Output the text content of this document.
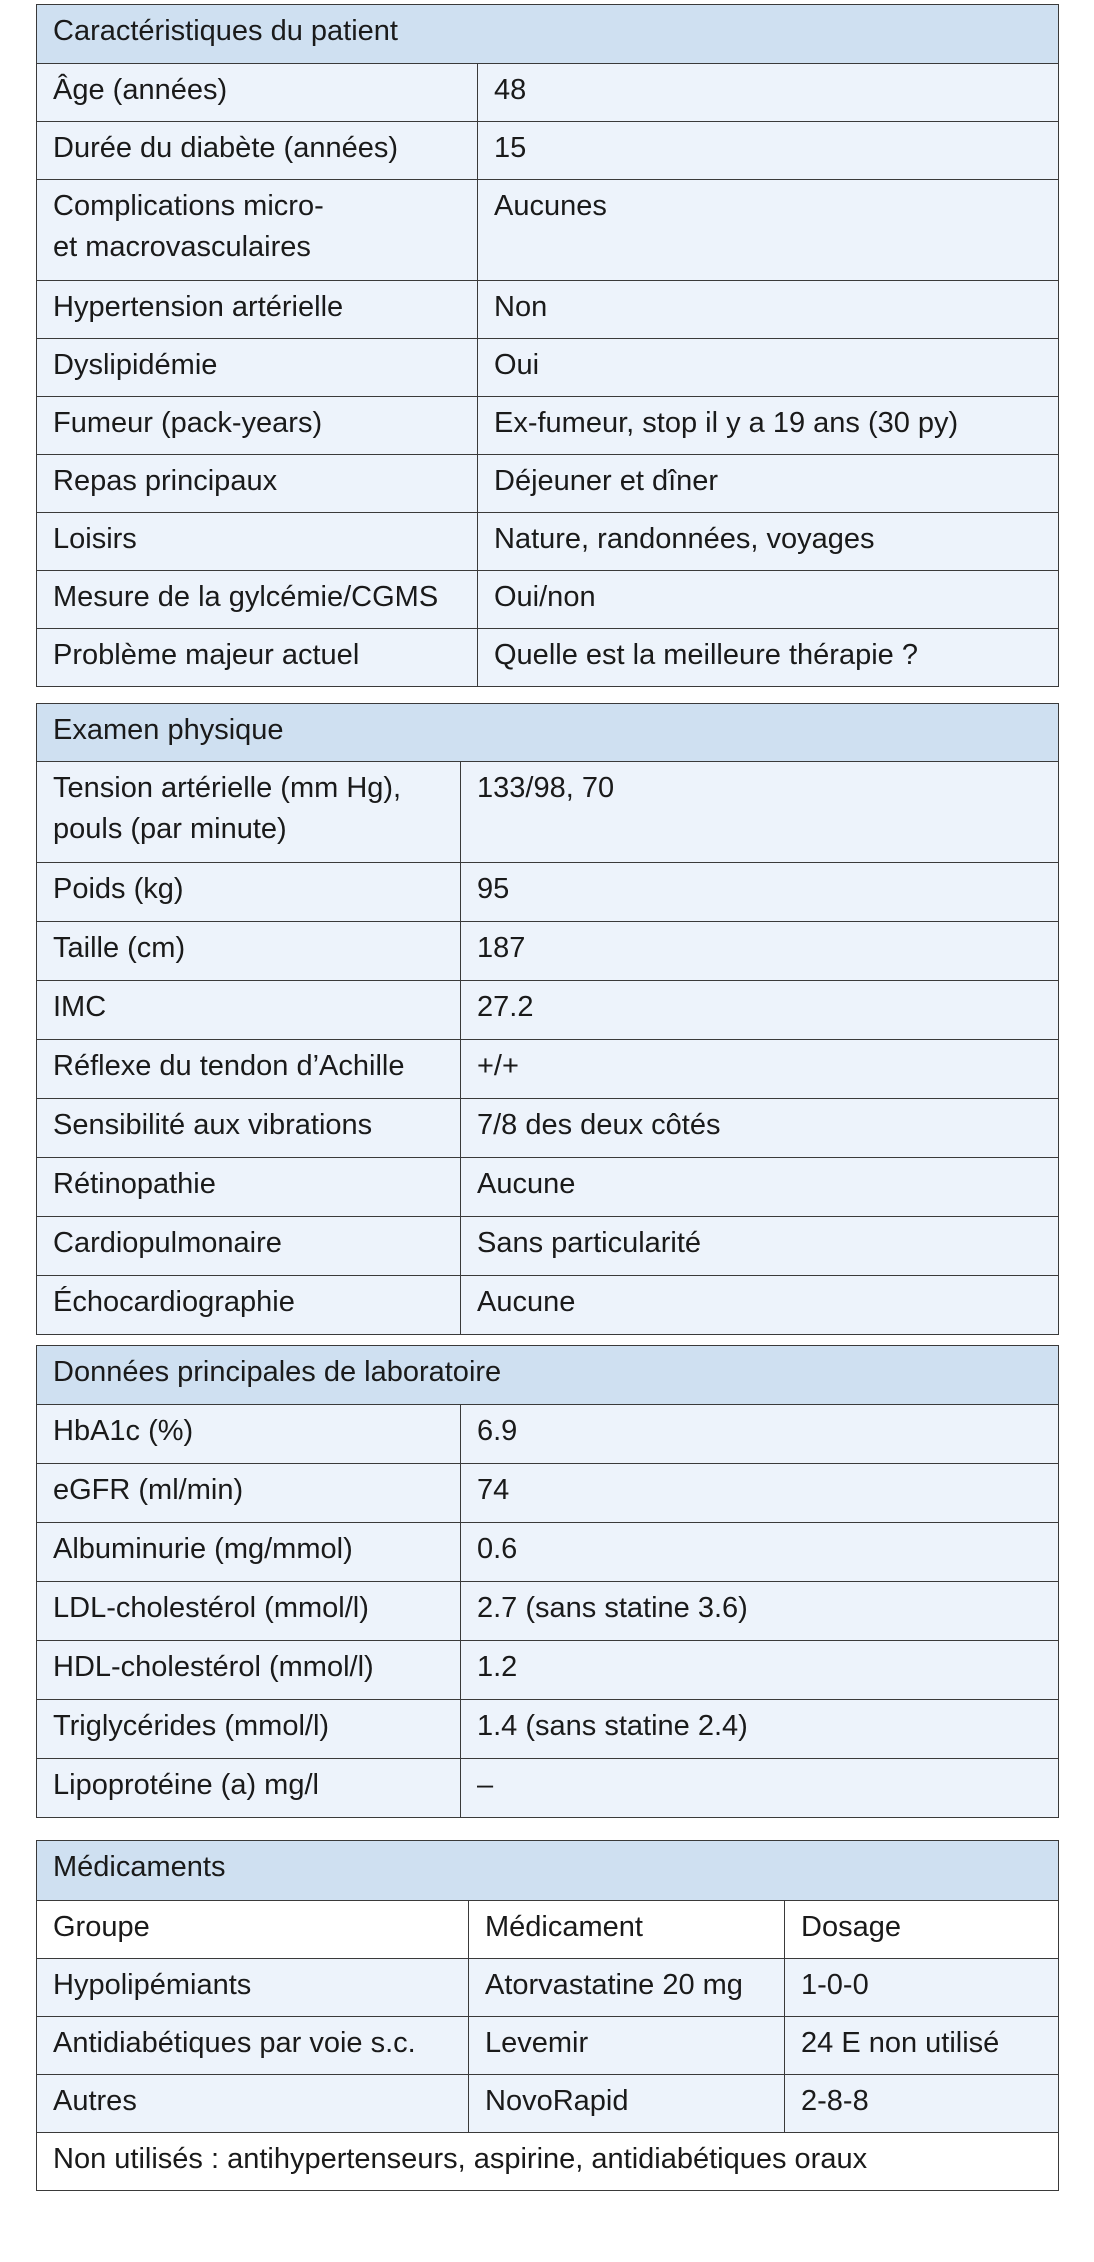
Caractéristiques du patient	
Âge (années)	48
Durée du diabète (années)	15
Complications micro-
et macrovasculaires	Aucunes
Hypertension artérielle	Non
Dyslipidémie	Oui
Fumeur (pack-years)	Ex-fumeur, stop il y a 19 ans (30 py)
Repas principaux	Déjeuner et dîner
Loisirs	Nature, randonnées, voyages
Mesure de la gylcémie/CGMS	Oui/non
Problème majeur actuel	Quelle est la meilleure thérapie ?
Examen physique	
Tension artérielle (mm Hg),
pouls (par minute)	133/98, 70
Poids (kg)	95
Taille (cm)	187
IMC	27.2
Réflexe du tendon d’Achille	+/+
Sensibilité aux vibrations	7/8 des deux côtés
Rétinopathie	Aucune
Cardiopulmonaire	Sans particularité
Échocardiographie	Aucune
Données principales de laboratoire	
HbA1c (%)	6.9
eGFR (ml/min)	74
Albuminurie (mg/mmol)	0.6
LDL-cholestérol (mmol/l)	2.7 (sans statine 3.6)
HDL-cholestérol (mmol/l)	1.2
Triglycérides (mmol/l)	1.4 (sans statine 2.4)
Lipoprotéine (a) mg/l	–
Médicaments		
Groupe	Médicament	Dosage
Hypolipémiants	Atorvastatine 20 mg	1-0-0
Antidiabétiques par voie s.c.	Levemir	24 E non utilisé
Autres	NovoRapid	2-8-8
Non utilisés : antihypertenseurs, aspirine, antidiabétiques oraux		
